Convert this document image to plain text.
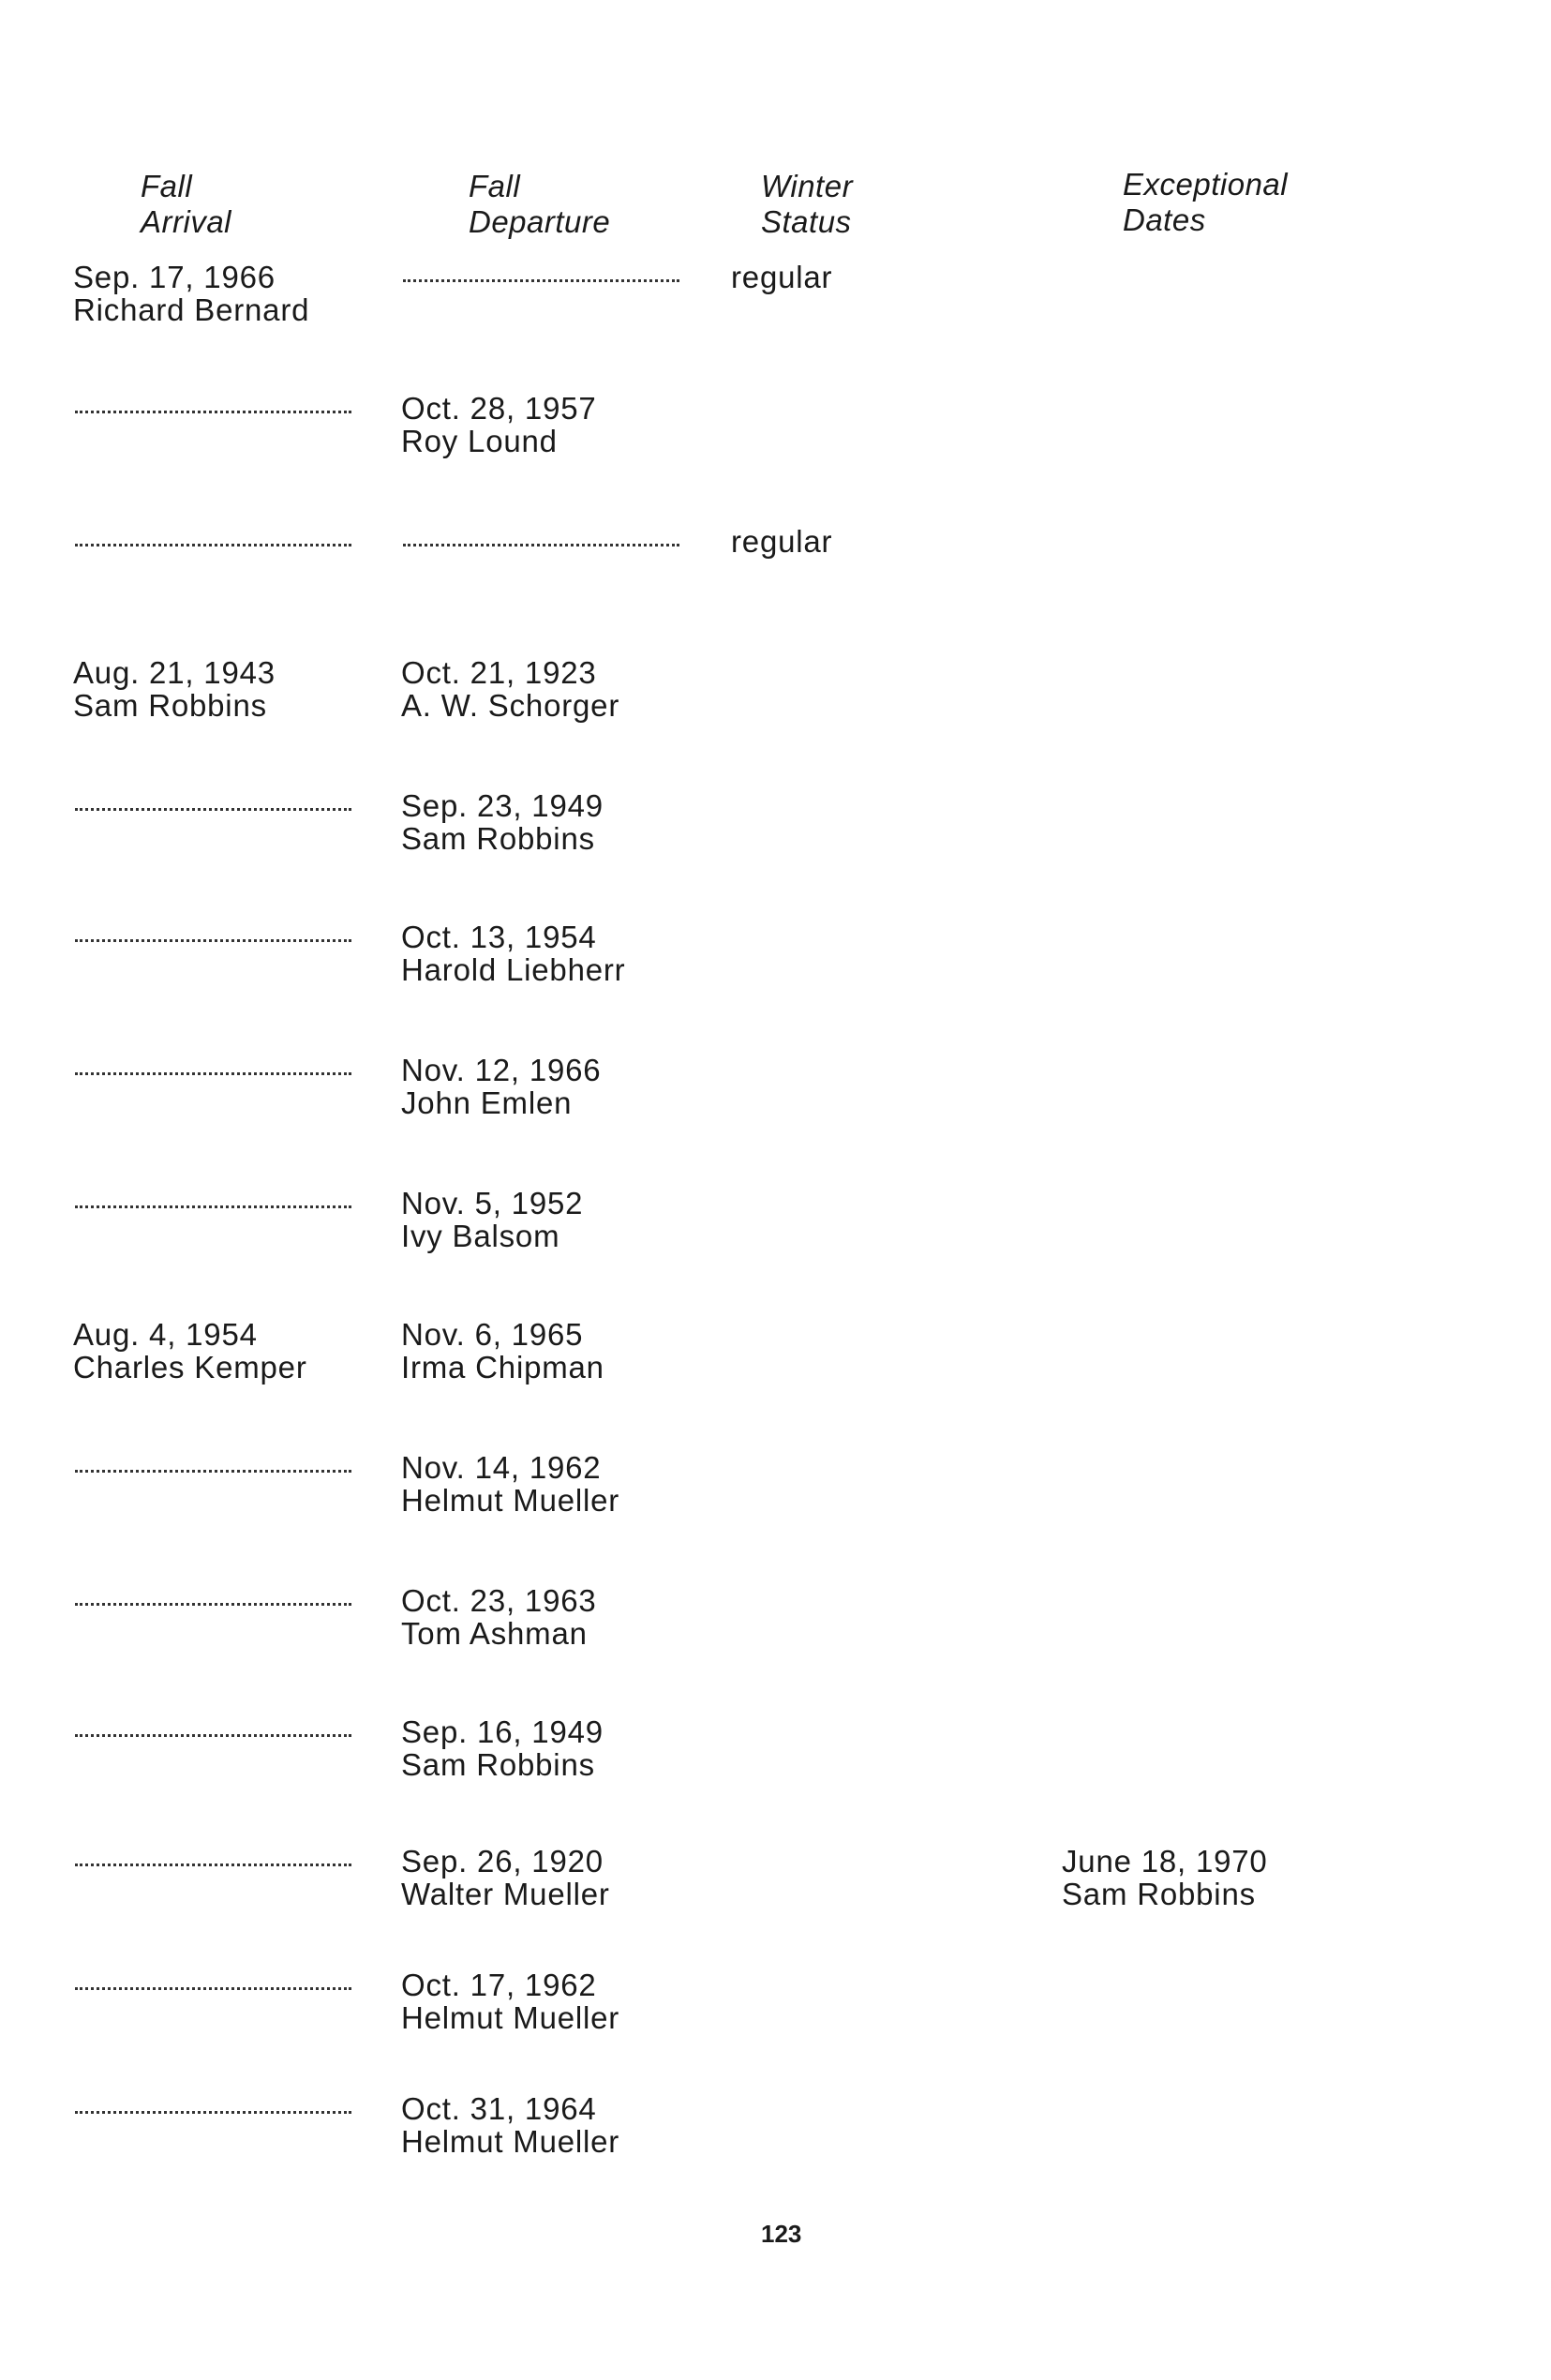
Fall
Arrival
Fall
Departure
Winter
Status
Exceptional
Dates
Sep. 17, 1966
Richard Bernard
regular
Oct. 28, 1957
Roy Lound
regular
Aug. 21, 1943
Sam Robbins
Oct. 21, 1923
A. W. Schorger
Sep. 23, 1949
Sam Robbins
Oct. 13, 1954
Harold Liebherr
Nov. 12, 1966
John Emlen
Nov. 5, 1952
Ivy Balsom
Aug. 4, 1954
Charles Kemper
Nov. 6, 1965
Irma Chipman
Nov. 14, 1962
Helmut Mueller
Oct. 23, 1963
Tom Ashman
Sep. 16, 1949
Sam Robbins
Sep. 26, 1920
Walter Mueller
June 18, 1970
Sam Robbins
Oct. 17, 1962
Helmut Mueller
Oct. 31, 1964
Helmut Mueller
123
